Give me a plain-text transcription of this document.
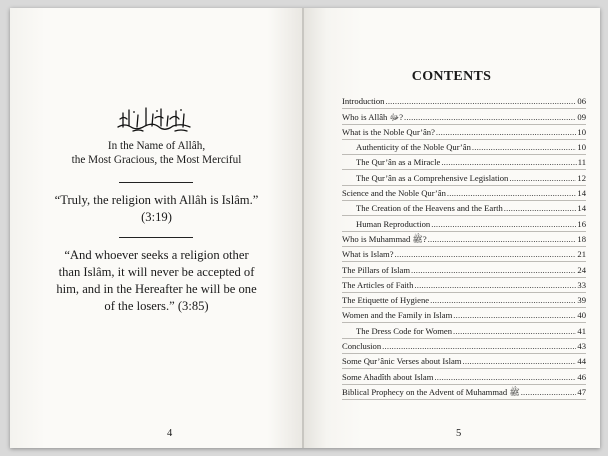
In the Name of Allâh,
the Most Gracious, the Most Merciful
“Truly, the religion with Allâh is Islâm.”
(3:19)
“And whoever seeks a religion other
than Islâm, it will never be accepted of
him, and in the Hereafter he will be one
of the losers.” (3:85)
4
CONTENTS
Introduction .....	06
Who is Allâh ﷻ? .....	09
What is the Noble Qur’ân? .....	10
Authenticity of the Noble Qur’ân .....	10
The Qur’ân as a Miracle .....	11
The Qur’ân as a Comprehensive Legislation .....	12
Science and the Noble Qur’ân .....	14
The Creation of the Heavens and the Earth .....	14
Human Reproduction .....	16
Who is Muhammad ﷺ? .....	18
What is Islam? .....	21
The Pillars of Islam .....	24
The Articles of Faith .....	33
The Etiquette of Hygiene .....	39
Women and the Family in Islam .....	40
The Dress Code for Women .....	41
Conclusion .....	43
Some Qur’ânic Verses about Islam .....	44
Some Ahadîth about Islam .....	46
Biblical Prophecy on the Advent of Muhammad ﷺ .....	47
5
